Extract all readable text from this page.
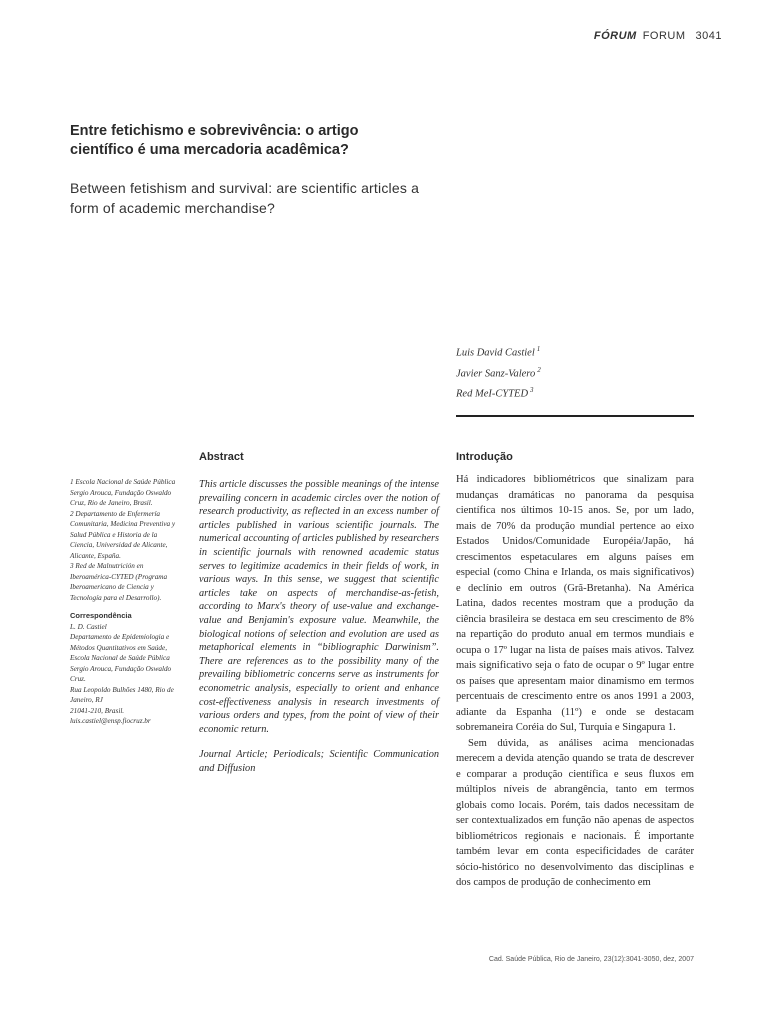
FÓRUM FORUM 3041
Entre fetichismo e sobrevivência: o artigo científico é uma mercadoria acadêmica?
Between fetishism and survival: are scientific articles a form of academic merchandise?
Luis David Castiel $^1$
Javier Sanz-Valero $^2$
Red MeI-CYTED $^3$
Abstract	Introdução

1 Escola Nacional de Saúde Pública Sergio Arouca, Fundação Oswaldo Cruz, Rio de Janeiro, Brasil.

2 Departamento de Enfermería Comunitaria, Medicina Preventiva y Salud Pública e Historia de la Ciencia, Universidad de Alicante, Alicante, España.

3 Red de Malnutrición en Iberoamérica-CYTED (Programa Iberoamericano de Ciencia y Tecnología para el Desarrollo).

Correspondência

L. D. Castiel

Departamento de Epidemiologia e Métodos Quantitativos em Saúde, Escola Nacional de Saúde Pública Sergio Arouca, Fundação Oswaldo Cruz.

Rua Leopoldo Bulhões 1480, Rio de Janeiro, RJ

21041-210, Brasil.

luis.castiel@ensp.fiocruz.br

This article discusses the possible meanings of the intense prevailing concern in academic circles over the notion of research productivity, as reflected in an excess number of articles published in various scientific journals. The numerical accounting of articles published by researchers in scientific journals with renowned academic status serves to legitimize academics in their fields of work, in various ways. In this sense, we suggest that scientific articles take on aspects of merchandise-as-fetish, according to Marx's theory of use-value and exchange-value and Benjamin's exposure value. Meanwhile, the biological notions of selection and evolution are used as metaphorical elements in “bibliographic Darwinism”. There are references as to the possibility many of the prevailing bibliometric concerns serve as instruments for econometric analysis, especially to orient and enhance cost-effectiveness analysis in research investments of various orders and types, from the point of view of their economic return.

Journal Article; Periodicals; Scientific Communication and Diffusion

Há indicadores bibliométricos que sinalizam para mudanças dramáticas no panorama da pesquisa científica nos últimos 10-15 anos. Se, por um lado, mais de 70% da produção mundial pertence ao eixo Estados Unidos/Comunidade Européia/Japão, há crescimentos espetaculares em alguns países em especial (como China e Irlanda, os mais significativos) e declínio em outros (Grã-Bretanha). Na América Latina, dados recentes mostram que a produção da ciência brasileira se destaca em seu crescimento de 8% na repartição do produto anual em termos mundiais e ocupa o 17º lugar na lista de países mais ativos. Talvez mais significativo seja o fato de ocupar o 9º lugar entre os países que apresentam maior dinamismo em termos percentuais de crescimento entre os anos 1991 a 2003, adiante da Espanha (11º) e onde se destacam sobremaneira Coréia do Sul, Turquia e Singapura 1.

Sem dúvida, as análises acima mencionadas merecem a devida atenção quando se trata de descrever e comparar a produção científica e seus fluxos em múltiplos níveis de abrangência, tanto em termos globais como locais. Porém, tais dados necessitam de ser contextualizados em função não apenas de aspectos bibliométricos regionais e nacionais. É importante também levar em conta especificidades de caráter sócio-histórico no desenvolvimento das disciplinas e dos campos de produção de conhecimento em

Cad. Saúde Pública, Rio de Janeiro, 23(12):3041-3050, dez, 2007
